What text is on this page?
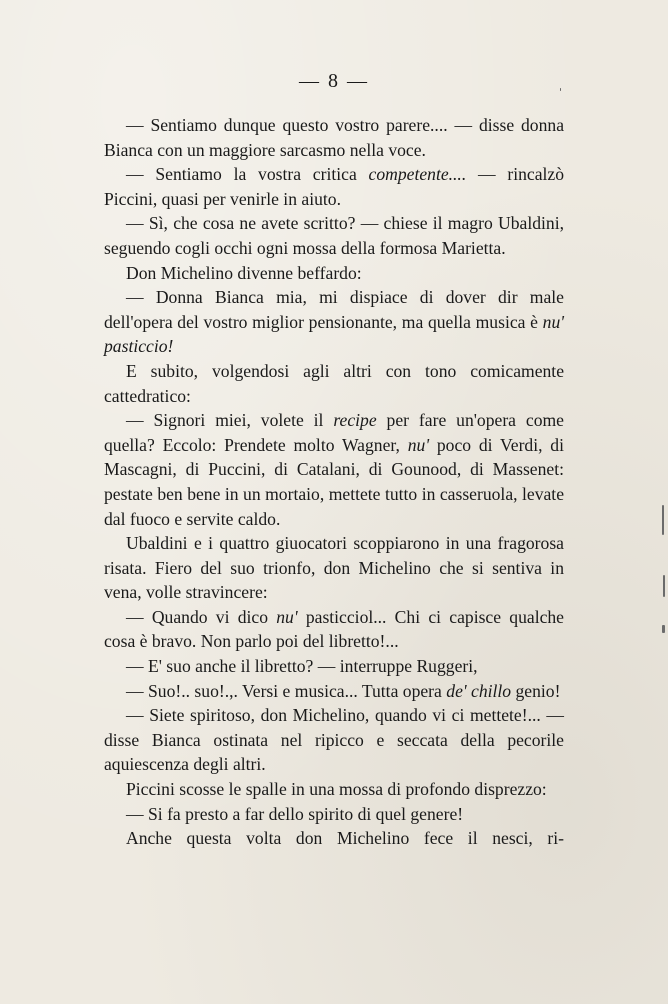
— 8 —

— Sentiamo dunque questo vostro parere.... — disse donna Bianca con un maggiore sarcasmo nella voce.

— Sentiamo la vostra critica competente.... — rincalzò Piccini, quasi per venirle in aiuto.

— Sì, che cosa ne avete scritto? — chiese il magro Ubaldini, seguendo cogli occhi ogni mossa della formosa Marietta.

Don Michelino divenne beffardo:

— Donna Bianca mia, mi dispiace di dover dir male dell'opera del vostro miglior pensionante, ma quella musica è nu' pasticcio!

E subito, volgendosi agli altri con tono comicamente cattedratico:

— Signori miei, volete il recipe per fare un'opera come quella? Eccolo: Prendete molto Wagner, nu' poco di Verdi, di Mascagni, di Puccini, di Catalani, di Gounood, di Massenet: pestate ben bene in un mortaio, mettete tutto in casseruola, levate dal fuoco e servite caldo.

Ubaldini e i quattro giuocatori scoppiarono in una fragorosa risata. Fiero del suo trionfo, don Michelino che si sentiva in vena, volle stravincere:

— Quando vi dico nu' pasticciol... Chi ci capisce qualche cosa è bravo. Non parlo poi del libretto!...

— E' suo anche il libretto? — interruppe Ruggeri,

— Suo!.. suo!.,. Versi e musica... Tutta opera de' chillo genio!

— Siete spiritoso, don Michelino, quando vi ci mettete!... — disse Bianca ostinata nel ripicco e seccata della pecorile aquiescenza degli altri.

Piccini scosse le spalle in una mossa di profondo disprezzo:

— Si fa presto a far dello spirito di quel genere!

Anche questa volta don Michelino fece il nesci, ri-
